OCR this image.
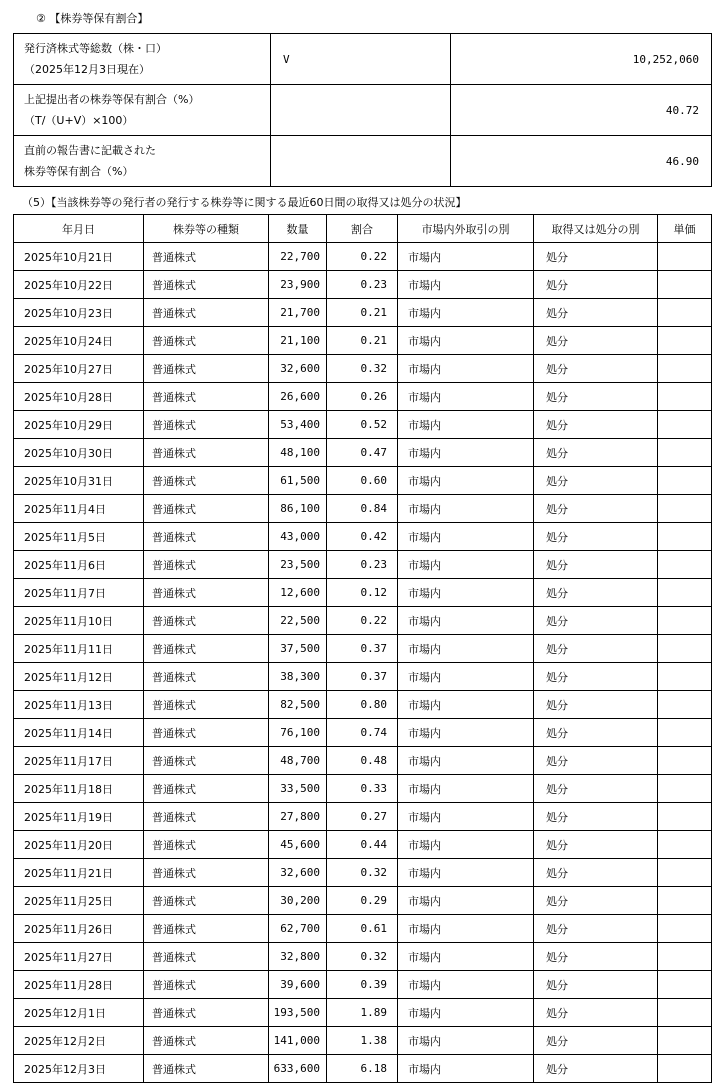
② 【株券等保有割合】
発行済株式等総数（株・口）
（2025年12月3日現在）	V	10,252,060

上記提出者の株券等保有割合（%）
（T/（U+V）×100）		40.72

直前の報告書に記載された
株券等保有割合（%）		46.90
（5）【当該株券等の発行者の発行する株券等に関する最近60日間の取得又は処分の状況】
年月日	株券等の種類	数量	割合	市場内外取引の別	取得又は処分の別	単価
2025年10月21日	普通株式	22,700	0.22	市場内	処分	
2025年10月22日	普通株式	23,900	0.23	市場内	処分	
2025年10月23日	普通株式	21,700	0.21	市場内	処分	
2025年10月24日	普通株式	21,100	0.21	市場内	処分	
2025年10月27日	普通株式	32,600	0.32	市場内	処分	
2025年10月28日	普通株式	26,600	0.26	市場内	処分	
2025年10月29日	普通株式	53,400	0.52	市場内	処分	
2025年10月30日	普通株式	48,100	0.47	市場内	処分	
2025年10月31日	普通株式	61,500	0.60	市場内	処分	
2025年11月4日	普通株式	86,100	0.84	市場内	処分	
2025年11月5日	普通株式	43,000	0.42	市場内	処分	
2025年11月6日	普通株式	23,500	0.23	市場内	処分	
2025年11月7日	普通株式	12,600	0.12	市場内	処分	
2025年11月10日	普通株式	22,500	0.22	市場内	処分	
2025年11月11日	普通株式	37,500	0.37	市場内	処分	
2025年11月12日	普通株式	38,300	0.37	市場内	処分	
2025年11月13日	普通株式	82,500	0.80	市場内	処分	
2025年11月14日	普通株式	76,100	0.74	市場内	処分	
2025年11月17日	普通株式	48,700	0.48	市場内	処分	
2025年11月18日	普通株式	33,500	0.33	市場内	処分	
2025年11月19日	普通株式	27,800	0.27	市場内	処分	
2025年11月20日	普通株式	45,600	0.44	市場内	処分	
2025年11月21日	普通株式	32,600	0.32	市場内	処分	
2025年11月25日	普通株式	30,200	0.29	市場内	処分	
2025年11月26日	普通株式	62,700	0.61	市場内	処分	
2025年11月27日	普通株式	32,800	0.32	市場内	処分	
2025年11月28日	普通株式	39,600	0.39	市場内	処分	
2025年12月1日	普通株式	193,500	1.89	市場内	処分	
2025年12月2日	普通株式	141,000	1.38	市場内	処分	
2025年12月3日	普通株式	633,600	6.18	市場内	処分	
